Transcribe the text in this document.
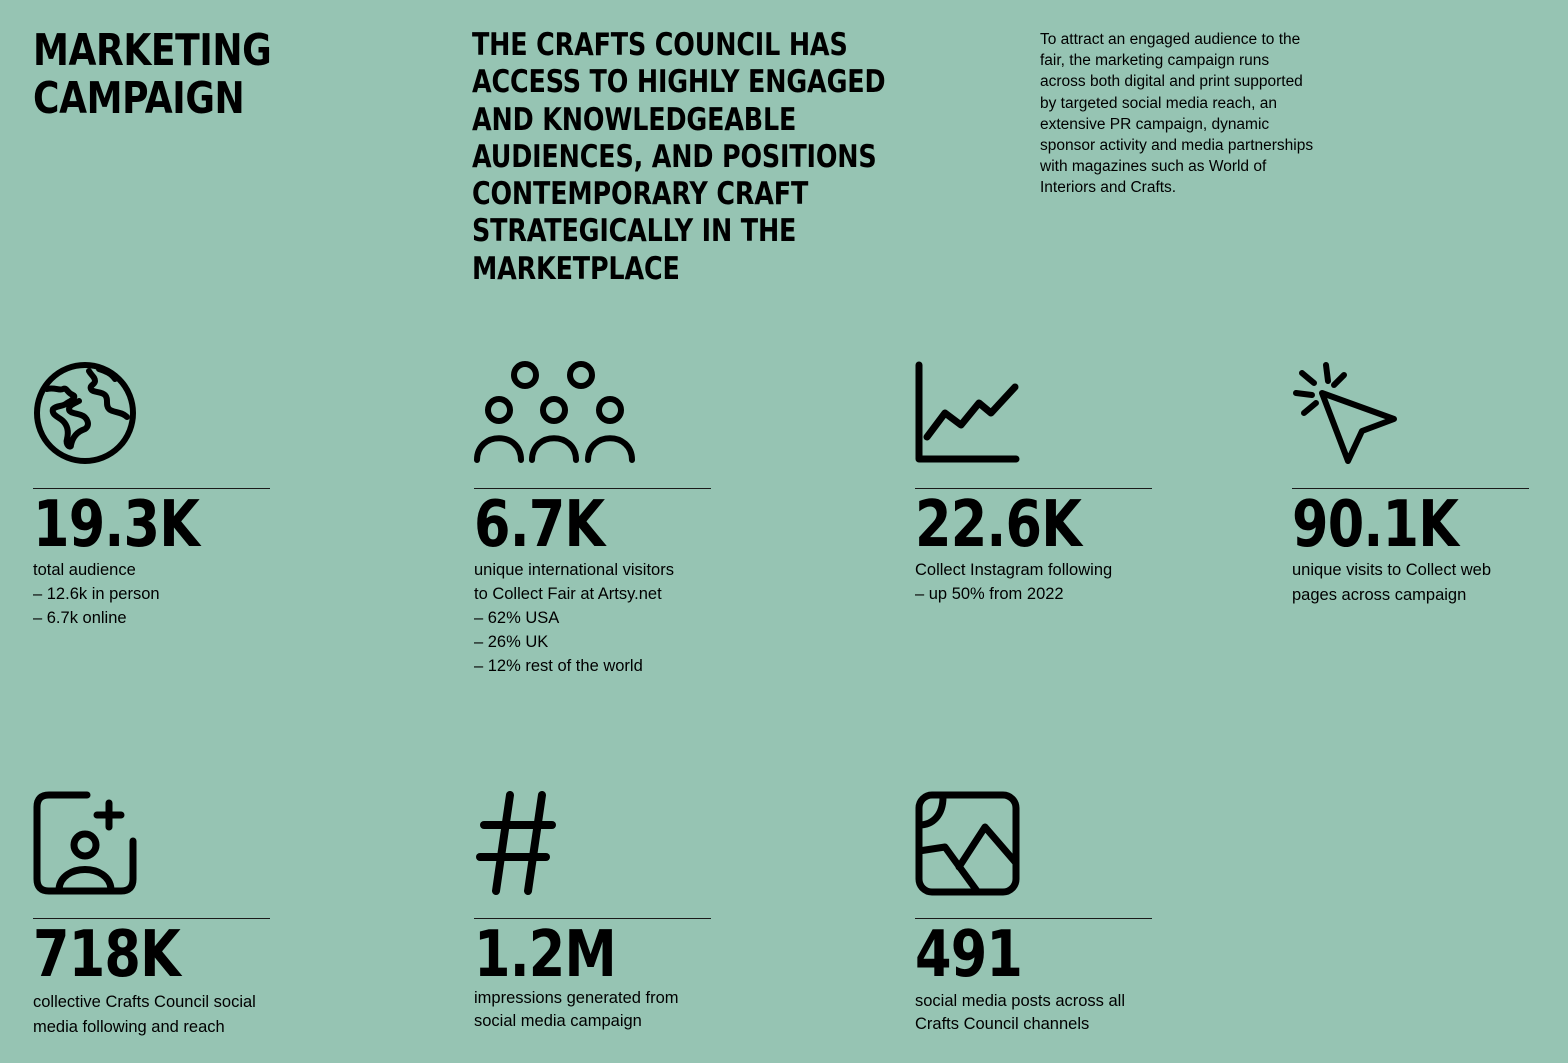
MARKETING
CAMPAIGN
THE CRAFTS COUNCIL HAS ACCESS TO HIGHLY ENGAGED AND KNOWLEDGEABLE AUDIENCES, AND POSITIONS CONTEMPORARY CRAFT STRATEGICALLY IN THE MARKETPLACE

To attract an engaged audience to the fair, the marketing campaign runs across both digital and print supported by targeted social media reach, an extensive PR campaign, dynamic sponsor activity and media partnerships with magazines such as World of Interiors and Crafts.

19.3K
total audience
– 12.6k in person
– 6.7k online
6.7K
unique international visitors
to Collect Fair at Artsy.net
– 62% USA
– 26% UK
– 12% rest of the world
22.6K
Collect Instagram following
– up 50% from 2022
90.1K
unique visits to Collect web
pages across campaign
718K
collective Crafts Council social
media following and reach
1.2M
impressions generated from
social media campaign
491
social media posts across all
Crafts Council channels
